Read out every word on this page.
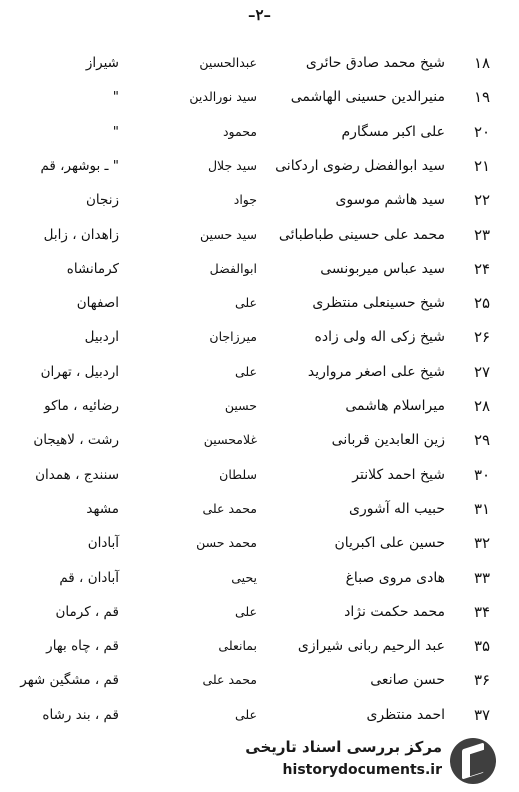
–۲–
۱۸
شیخ محمد صادق حائری
عبدالحسین
شیراز
۱۹
منیرالدین حسینی الهاشمی
سید نورالدین
"
۲۰
علی اکبر مسگارم
محمود
"
۲۱
سید ابوالفضل رضوی اردکانی
سید جلال
" ـ بوشهر، قم
۲۲
سید هاشم موسوی
جواد
زنجان
۲۳
محمد علی حسینی طباطبائی
سید حسین
زاهدان ، زابل
۲۴
سید عباس میربونسی
ابوالفضل
کرمانشاه
۲۵
شیخ حسینعلی منتظری
علی
اصفهان
۲۶
شیخ زکی اله ولی زاده
میرزاجان
اردبیل
۲۷
شیخ علی اصغر مروارید
علی
اردبیل ، تهران
۲۸
میراسلام هاشمی
حسین
رضائیه ، ماکو
۲۹
زین العابدین قربانی
غلامحسین
رشت ، لاهیجان
۳۰
شیخ احمد کلانتر
سلطان
سنندج ، همدان
۳۱
حبیب اله آشوری
محمد علی
مشهد
۳۲
حسین علی اکبریان
محمد حسن
آبادان
۳۳
هادی مروی صباغ
یحیی
آبادان ، قم
۳۴
محمد حکمت نژاد
علی
قم ، کرمان
۳۵
عبد الرحیم ربانی شیرازی
بمانعلی
قم ، چاه بهار
۳۶
حسن صانعی
محمد علی
قم ، مشگین شهر
۳۷
احمد منتظری
علی
قم ، بند رشاه
مرکز بررسی اسناد تاریخی
historydocuments.ir
